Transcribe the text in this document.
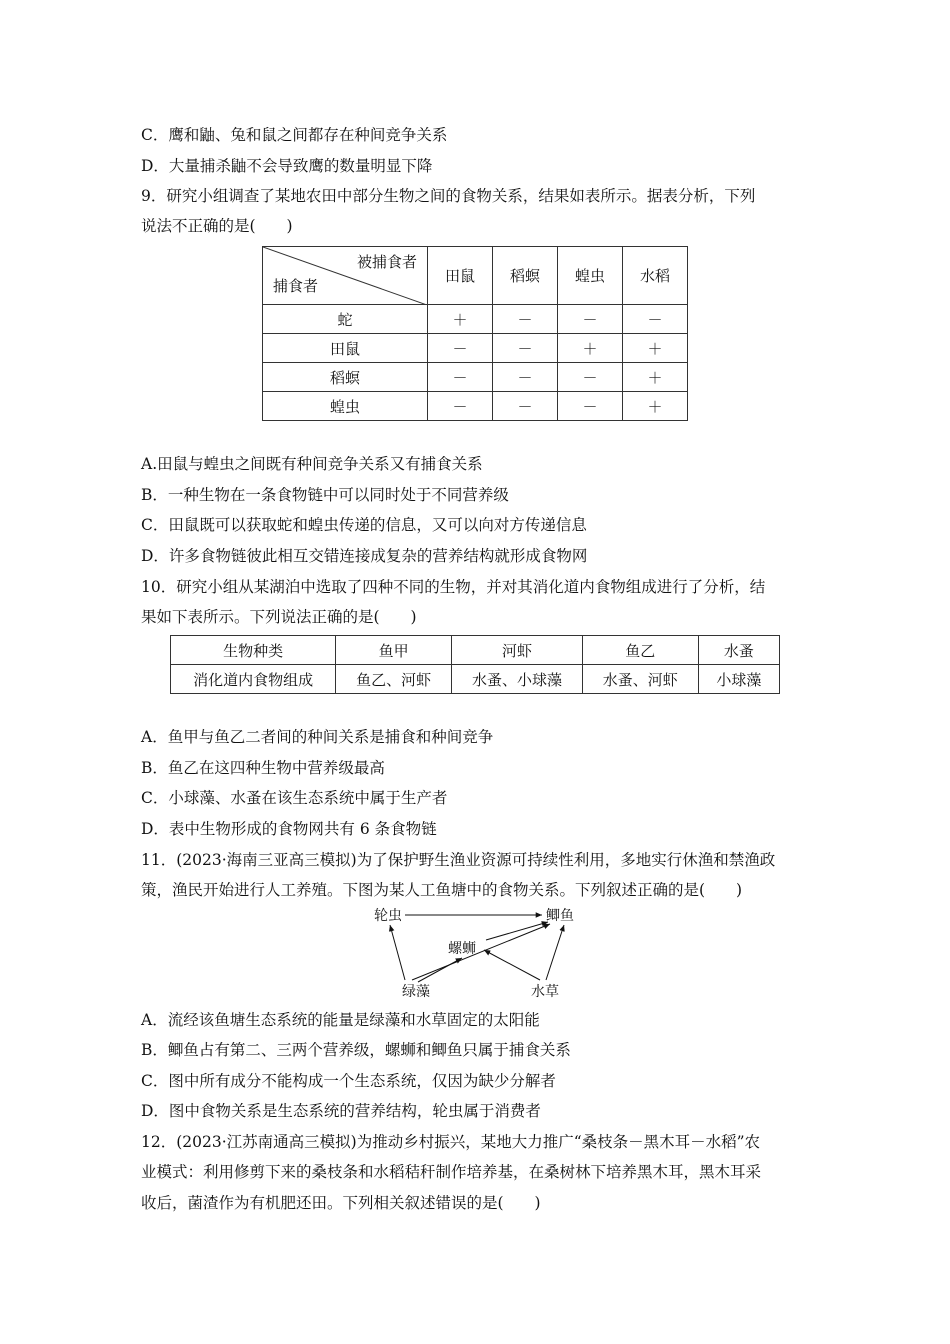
C．鹰和鼬、兔和鼠之间都存在种间竞争关系
D．大量捕杀鼬不会导致鹰的数量明显下降
9．研究小组调查了某地农田中部分生物之间的食物关系，结果如表所示。据表分析，下列
说法不正确的是(　　)
被捕食者
捕食者	田鼠	稻螟	蝗虫	水稻
蛇	＋	－	－	－
田鼠	－	－	＋	＋
稻螟	－	－	－	＋
蝗虫	－	－	－	＋
A.田鼠与蝗虫之间既有种间竞争关系又有捕食关系
B．一种生物在一条食物链中可以同时处于不同营养级
C．田鼠既可以获取蛇和蝗虫传递的信息，又可以向对方传递信息
D．许多食物链彼此相互交错连接成复杂的营养结构就形成食物网
10．研究小组从某湖泊中选取了四种不同的生物，并对其消化道内食物组成进行了分析，结
果如下表所示。下列说法正确的是(　　)
生物种类	鱼甲	河虾	鱼乙	水蚤
消化道内食物组成	鱼乙、河虾	水蚤、小球藻	水蚤、河虾	小球藻
A．鱼甲与鱼乙二者间的种间关系是捕食和种间竞争
B．鱼乙在这四种生物中营养级最高
C．小球藻、水蚤在该生态系统中属于生产者
D．表中生物形成的食物网共有 6 条食物链
11．(2023·海南三亚高三模拟)为了保护野生渔业资源可持续性利用，多地实行休渔和禁渔政
策，渔民开始进行人工养殖。下图为某人工鱼塘中的食物关系。下列叙述正确的是(　　)
轮虫	鲫鱼
螺蛳
绿藻	水草
A．流经该鱼塘生态系统的能量是绿藻和水草固定的太阳能
B．鲫鱼占有第二、三两个营养级，螺蛳和鲫鱼只属于捕食关系
C．图中所有成分不能构成一个生态系统，仅因为缺少分解者
D．图中食物关系是生态系统的营养结构，轮虫属于消费者
12．(2023·江苏南通高三模拟)为推动乡村振兴，某地大力推广“桑枝条－黑木耳－水稻”农
业模式：利用修剪下来的桑枝条和水稻秸秆制作培养基，在桑树林下培养黑木耳，黑木耳采
收后，菌渣作为有机肥还田。下列相关叙述错误的是(　　)
